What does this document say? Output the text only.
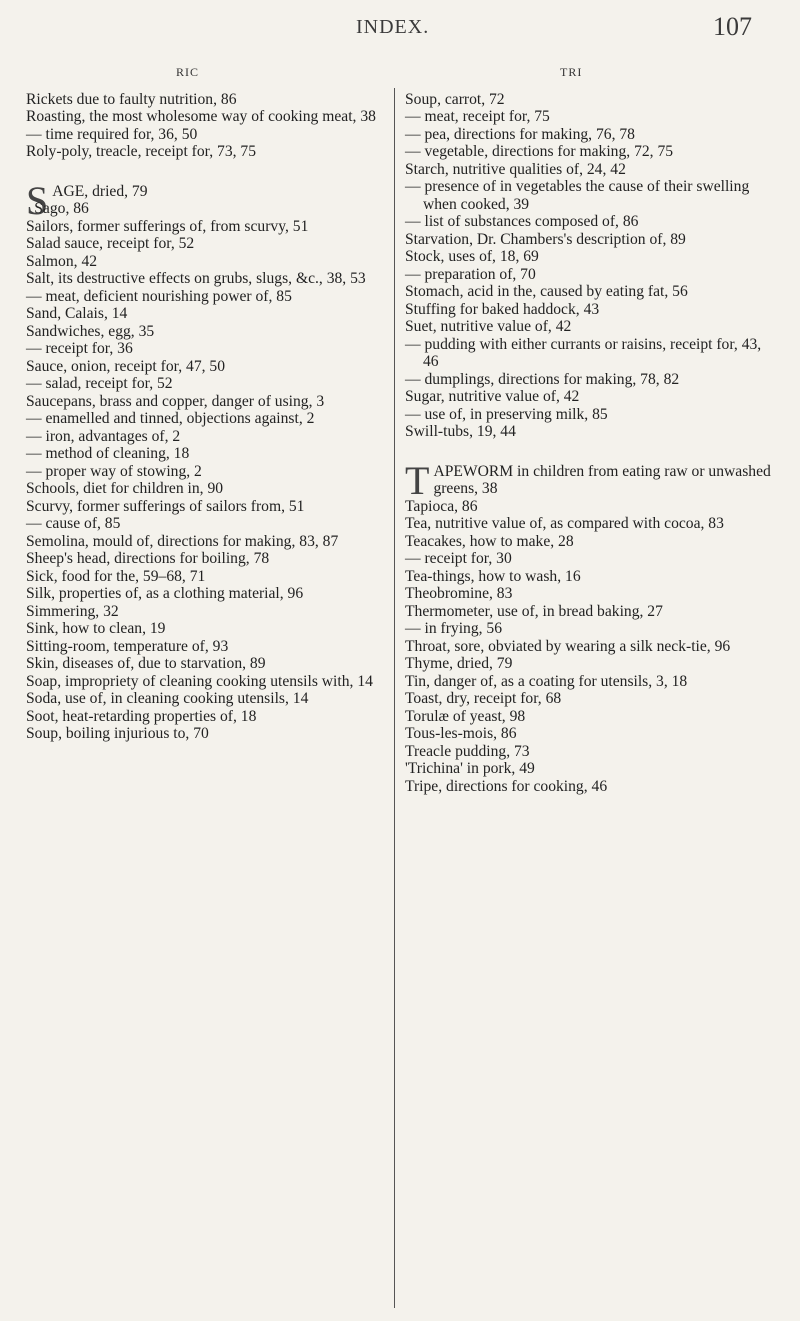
INDEX.	107
RIC

Rickets due to faulty nutrition, 86

Roasting, the most wholesome way of cooking meat, 38

— time required for, 36, 50

Roly-poly, treacle, receipt for, 73, 75

S AGE, dried, 79

Sago, 86

Sailors, former sufferings of, from scurvy, 51

Salad sauce, receipt for, 52

Salmon, 42

Salt, its destructive effects on grubs, slugs, &c., 38, 53

— meat, deficient nourishing power of, 85

Sand, Calais, 14

Sandwiches, egg, 35

— receipt for, 36

Sauce, onion, receipt for, 47, 50

— salad, receipt for, 52

Saucepans, brass and copper, danger of using, 3

— enamelled and tinned, objections against, 2

— iron, advantages of, 2

— method of cleaning, 18

— proper way of stowing, 2

Schools, diet for children in, 90

Scurvy, former sufferings of sailors from, 51

— cause of, 85

Semolina, mould of, directions for making, 83, 87

Sheep's head, directions for boiling, 78

Sick, food for the, 59–68, 71

Silk, properties of, as a clothing material, 96

Simmering, 32

Sink, how to clean, 19

Sitting-room, temperature of, 93

Skin, diseases of, due to starvation, 89

Soap, impropriety of cleaning cooking utensils with, 14

Soda, use of, in cleaning cooking utensils, 14

Soot, heat-retarding properties of, 18

Soup, boiling injurious to, 70

TRI

Soup, carrot, 72

— meat, receipt for, 75

— pea, directions for making, 76, 78

— vegetable, directions for making, 72, 75

Starch, nutritive qualities of, 24, 42

— presence of in vegetables the cause of their swelling when cooked, 39

— list of substances composed of, 86

Starvation, Dr. Chambers's description of, 89

Stock, uses of, 18, 69

— preparation of, 70

Stomach, acid in the, caused by eating fat, 56

Stuffing for baked haddock, 43

Suet, nutritive value of, 42

— pudding with either currants or raisins, receipt for, 43, 46

— dumplings, directions for making, 78, 82

Sugar, nutritive value of, 42

— use of, in preserving milk, 85

Swill-tubs, 19, 44

T APEWORM in children from eating raw or unwashed greens, 38

Tapioca, 86

Tea, nutritive value of, as compared with cocoa, 83

Teacakes, how to make, 28

— receipt for, 30

Tea-things, how to wash, 16

Theobromine, 83

Thermometer, use of, in bread baking, 27

— in frying, 56

Throat, sore, obviated by wearing a silk neck-tie, 96

Thyme, dried, 79

Tin, danger of, as a coating for utensils, 3, 18

Toast, dry, receipt for, 68

Torulæ of yeast, 98

Tous-les-mois, 86

Treacle pudding, 73

'Trichina' in pork, 49

Tripe, directions for cooking, 46
